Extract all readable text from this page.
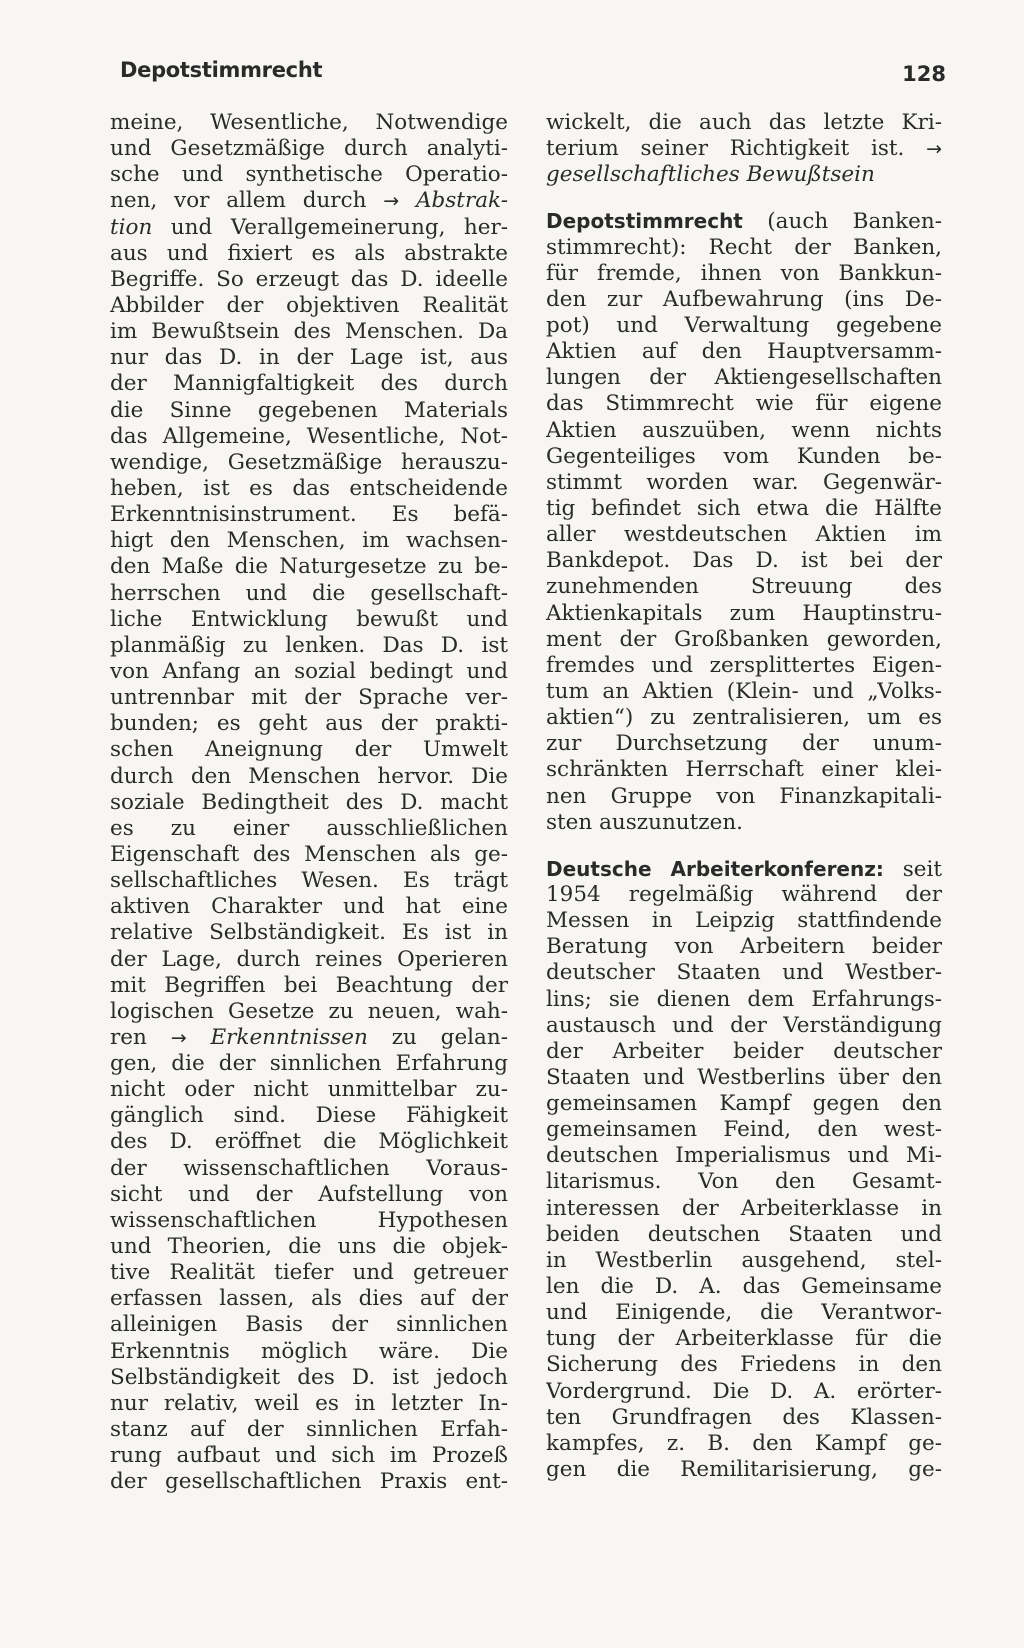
Depotstimmrecht	128
meine, Wesentliche, Notwendige
und Gesetzmäßige durch analyti-
sche und synthetische Operatio-
nen, vor allem durch → Abstrak-
tion und Verallgemeinerung, her-
aus und fixiert es als abstrakte
Begriffe. So erzeugt das D. ideelle
Abbilder der objektiven Realität
im Bewußtsein des Menschen. Da
nur das D. in der Lage ist, aus
der Mannigfaltigkeit des durch
die Sinne gegebenen Materials
das Allgemeine, Wesentliche, Not-
wendige, Gesetzmäßige herauszu-
heben, ist es das entscheidende
Erkenntnisinstrument. Es befä-
higt den Menschen, im wachsen-
den Maße die Naturgesetze zu be-
herrschen und die gesellschaft-
liche Entwicklung bewußt und
planmäßig zu lenken. Das D. ist
von Anfang an sozial bedingt und
untrennbar mit der Sprache ver-
bunden; es geht aus der prakti-
schen Aneignung der Umwelt
durch den Menschen hervor. Die
soziale Bedingtheit des D. macht
es zu einer ausschließlichen
Eigenschaft des Menschen als ge-
sellschaftliches Wesen. Es trägt
aktiven Charakter und hat eine
relative Selbständigkeit. Es ist in
der Lage, durch reines Operieren
mit Begriffen bei Beachtung der
logischen Gesetze zu neuen, wah-
ren → Erkenntnissen zu gelan-
gen, die der sinnlichen Erfahrung
nicht oder nicht unmittelbar zu-
gänglich sind. Diese Fähigkeit
des D. eröffnet die Möglichkeit
der wissenschaftlichen Voraus-
sicht und der Aufstellung von
wissenschaftlichen Hypothesen
und Theorien, die uns die objek-
tive Realität tiefer und getreuer
erfassen lassen, als dies auf der
alleinigen Basis der sinnlichen
Erkenntnis möglich wäre. Die
Selbständigkeit des D. ist jedoch
nur relativ, weil es in letzter In-
stanz auf der sinnlichen Erfah-
rung aufbaut und sich im Prozeß
der gesellschaftlichen Praxis ent-
wickelt, die auch das letzte Kri-
terium seiner Richtigkeit ist. →
gesellschaftliches Bewußtsein
Depotstimmrecht (auch Banken-
stimmrecht): Recht der Banken,
für fremde, ihnen von Bankkun-
den zur Aufbewahrung (ins De-
pot) und Verwaltung gegebene
Aktien auf den Hauptversamm-
lungen der Aktiengesellschaften
das Stimmrecht wie für eigene
Aktien auszuüben, wenn nichts
Gegenteiliges vom Kunden be-
stimmt worden war. Gegenwär-
tig befindet sich etwa die Hälfte
aller westdeutschen Aktien im
Bankdepot. Das D. ist bei der
zunehmenden Streuung des
Aktienkapitals zum Hauptinstru-
ment der Großbanken geworden,
fremdes und zersplittertes Eigen-
tum an Aktien (Klein- und „Volks-
aktien“) zu zentralisieren, um es
zur Durchsetzung der unum-
schränkten Herrschaft einer klei-
nen Gruppe von Finanzkapitali-
sten auszunutzen.
Deutsche Arbeiterkonferenz: seit
1954 regelmäßig während der
Messen in Leipzig stattfindende
Beratung von Arbeitern beider
deutscher Staaten und Westber-
lins; sie dienen dem Erfahrungs-
austausch und der Verständigung
der Arbeiter beider deutscher
Staaten und Westberlins über den
gemeinsamen Kampf gegen den
gemeinsamen Feind, den west-
deutschen Imperialismus und Mi-
litarismus. Von den Gesamt-
interessen der Arbeiterklasse in
beiden deutschen Staaten und
in Westberlin ausgehend, stel-
len die D. A. das Gemeinsame
und Einigende, die Verantwor-
tung der Arbeiterklasse für die
Sicherung des Friedens in den
Vordergrund. Die D. A. erörter-
ten Grundfragen des Klassen-
kampfes, z. B. den Kampf ge-
gen die Remilitarisierung, ge-
